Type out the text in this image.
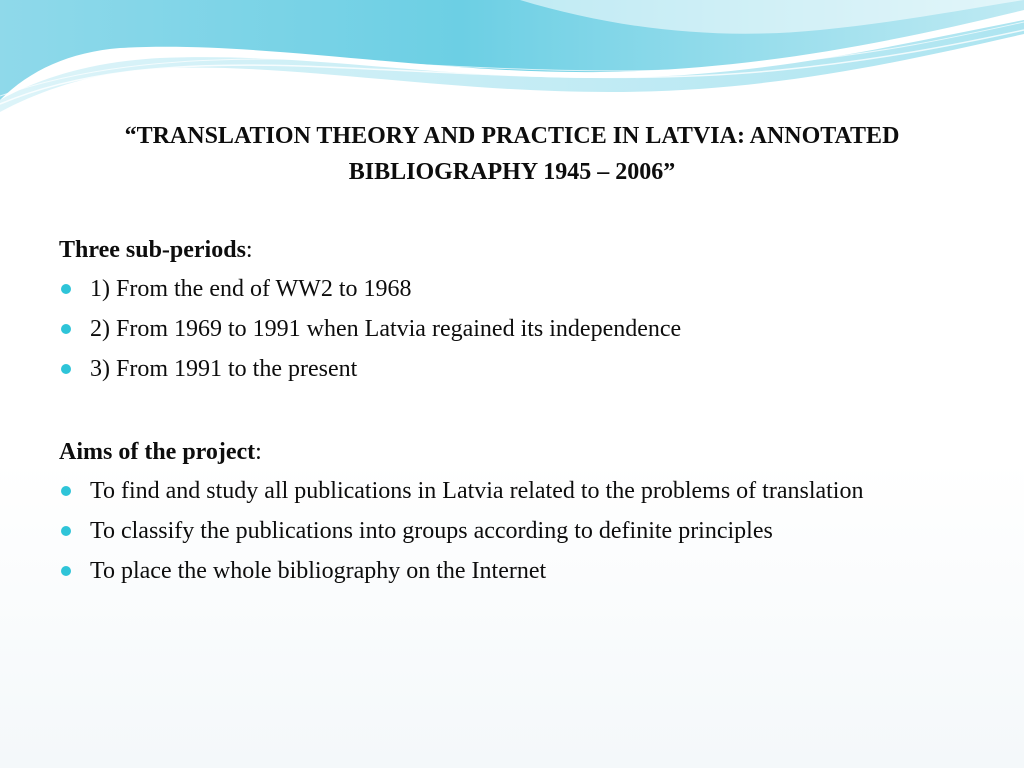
“TRANSLATION THEORY AND PRACTICE IN LATVIA: ANNOTATED BIBLIOGRAPHY 1945 – 2006”

Three sub-periods:

1) From the end of WW2 to 1968
2) From 1969 to 1991 when Latvia regained its independence
3) From 1991 to the present

Aims of the project:

To find and study all publications in Latvia related to the problems of translation
To classify the publications into groups according to definite principles
To place the whole bibliography on the Internet
